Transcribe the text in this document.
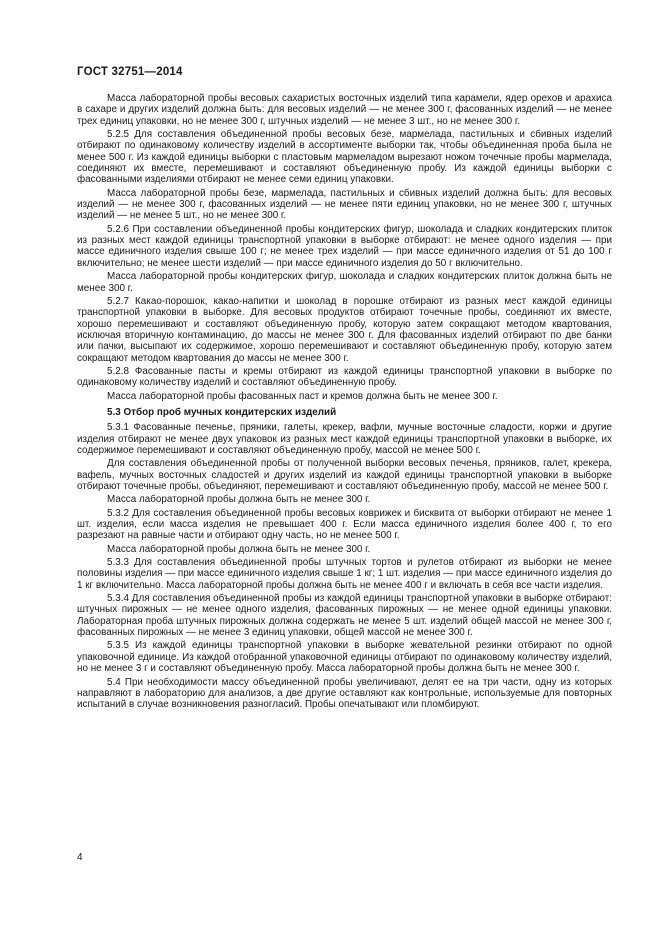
ГОСТ 32751—2014

Масса лабораторной пробы весовых сахаристых восточных изделий типа карамели, ядер орехов и арахиса в сахаре и других изделий должна быть: для весовых изделий — не менее 300 г, фасованных изделий — не менее трех единиц упаковки, но не менее 300 г, штучных изделий — не менее 3 шт., но не менее 300 г.

5.2.5 Для составления объединенной пробы весовых безе, мармелада, пастильных и сбивных изделий отбирают по одинаковому количеству изделий в ассортименте выборки так, чтобы объединенная проба была не менее 500 г. Из каждой единицы выборки с пластовым мармеладом вырезают ножом точечные пробы мармелада, соединяют их вместе, перемешивают и составляют объединенную пробу. Из каждой единицы выборки с фасованными изделиями отбирают не менее семи единиц упаковки.

Масса лабораторной пробы безе, мармелада, пастильных и сбивных изделий должна быть: для весовых изделий — не менее 300 г, фасованных изделий — не менее пяти единиц упаковки, но не менее 300 г, штучных изделий — не менее 5 шт., но не менее 300 г.

5.2.6 При составлении объединенной пробы кондитерских фигур, шоколада и сладких кондитерских плиток из разных мест каждой единицы транспортной упаковки в выборке отбирают: не менее одного изделия — при массе единичного изделия свыше 100 г; не менее трех изделий — при массе единичного изделия от 51 до 100 г включительно; не менее шести изделий — при массе единичного изделия до 50 г включительно.

Масса лабораторной пробы кондитерских фигур, шоколада и сладких кондитерских плиток должна быть не менее 300 г.

5.2.7 Какао-порошок, какао-напитки и шоколад в порошке отбирают из разных мест каждой единицы транспортной упаковки в выборке. Для весовых продуктов отбирают точечные пробы, соединяют их вместе, хорошо перемешивают и составляют объединенную пробу, которую затем сокращают методом квартования, исключая вторичную контаминацию, до массы не менее 300 г. Для фасованных изделий отбирают по две банки или пачки, высыпают их содержимое, хорошо перемешивают и составляют объединенную пробу, которую затем сокращают методом квартования до массы не менее 300 г.

5.2.8 Фасованные пасты и кремы отбирают из каждой единицы транспортной упаковки в выборке по одинаковому количеству изделий и составляют объединенную пробу.

Масса лабораторной пробы фасованных паст и кремов должна быть не менее 300 г.

5.3 Отбор проб мучных кондитерских изделий

5.3.1 Фасованные печенье, пряники, галеты, крекер, вафли, мучные восточные сладости, коржи и другие изделия отбирают не менее двух упаковок из разных мест каждой единицы транспортной упаковки в выборке, их содержимое перемешивают и составляют объединенную пробу, массой не менее 500 г.

Для составления объединенной пробы от полученной выборки весовых печенья, пряников, галет, крекера, вафель, мучных восточных сладостей и других изделий из каждой единицы транспортной упаковки в выборке отбирают точечные пробы, объединяют, перемешивают и составляют объединенную пробу, массой не менее 500 г.

Масса лабораторной пробы должна быть не менее 300 г.

5.3.2 Для составления объединенной пробы весовых коврижек и бисквита от выборки отбирают не менее 1 шт. изделия, если масса изделия не превышает 400 г. Если масса единичного изделия более 400 г, то его разрезают на равные части и отбирают одну часть, но не менее 500 г.

Масса лабораторной пробы должна быть не менее 300 г.

5.3.3 Для составления объединенной пробы штучных тортов и рулетов отбирают из выборки не менее половины изделия — при массе единичного изделия свыше 1 кг; 1 шт. изделия — при массе единичного изделия до 1 кг включительно. Масса лабораторной пробы должна быть не менее 400 г и включать в себя все части изделия.

5.3.4 Для составления объединенной пробы из каждой единицы транспортной упаковки в выборке отбирают: штучных пирожных — не менее одного изделия, фасованных пирожных — не менее одной единицы упаковки. Лабораторная проба штучных пирожных должна содержать не менее 5 шт. изделий общей массой не менее 300 г, фасованных пирожных — не менее 3 единиц упаковки, общей массой не менее 300 г.

5.3.5 Из каждой единицы транспортной упаковки в выборке жевательной резинки отбирают по одной упаковочной единице. Из каждой отобранной упаковочной единицы отбирают по одинаковому количеству изделий, но не менее 3 г и составляют объединенную пробу. Масса лабораторной пробы должна быть не менее 300 г.

5.4 При необходимости массу объединенной пробы увеличивают, делят ее на три части, одну из которых направляют в лабораторию для анализов, а две другие оставляют как контрольные, используемые для повторных испытаний в случае возникновения разногласий. Пробы опечатывают или пломбируют.

4
